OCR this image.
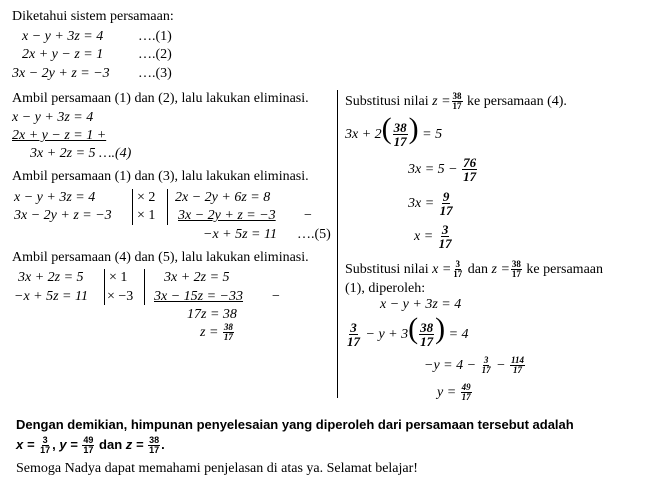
Diketahui sistem persamaan:
x − y + 3z = 4 ….(1)
2x + y − z = 1 ….(2)
3x − 2y + z = −3 ….(3)
Ambil persamaan (1) dan (2), lalu lakukan eliminasi.
x − y + 3z = 4
2x + y − z = 1 +
3x + 2z = 5 ….(4)
Ambil persamaan (1) dan (3), lalu lakukan eliminasi.
x − y + 3z = 4
3x − 2y + z = −3
× 2
× 1
2x − 2y + 6z = 8
3x − 2y + z = −3 −
−x + 5z = 11 ….(5)
Ambil persamaan (4) dan (5), lalu lakukan eliminasi.
3x + 2z = 5
−x + 5z = 11
× 1
× −3
3x + 2z = 5
3x − 15z = −33 −
17z = 38
$z = \frac{38}{17}$
Substitusi nilai $z = \frac{38}{17}$ ke persamaan (4).
$3x + 2( \frac{38}{17}$ ) = 5
$3x = 5 - \frac{76}{17}$
$3x = \frac{9}{17}$
$x = \frac{3}{17}$
Substitusi nilai $x = \frac{3}{17}$ dan $z = \frac{38}{17}$ ke persamaan
(1), diperoleh:
x − y + 3z = 4
$\frac{3}{17} - y + 3( \frac{38}{17}$ ) = 4
$-y = 4 - \frac{3}{17} - \frac{114}{17}$
$y = \frac{49}{17}$
Dengan demikian, himpunan penyelesaian yang diperoleh dari persamaan tersebut adalah
$x = \frac{3}{17}$ , $y = \frac{49}{17}$ dan $z = \frac{38}{17}$ .
Semoga Nadya dapat memahami penjelasan di atas ya. Selamat belajar!
